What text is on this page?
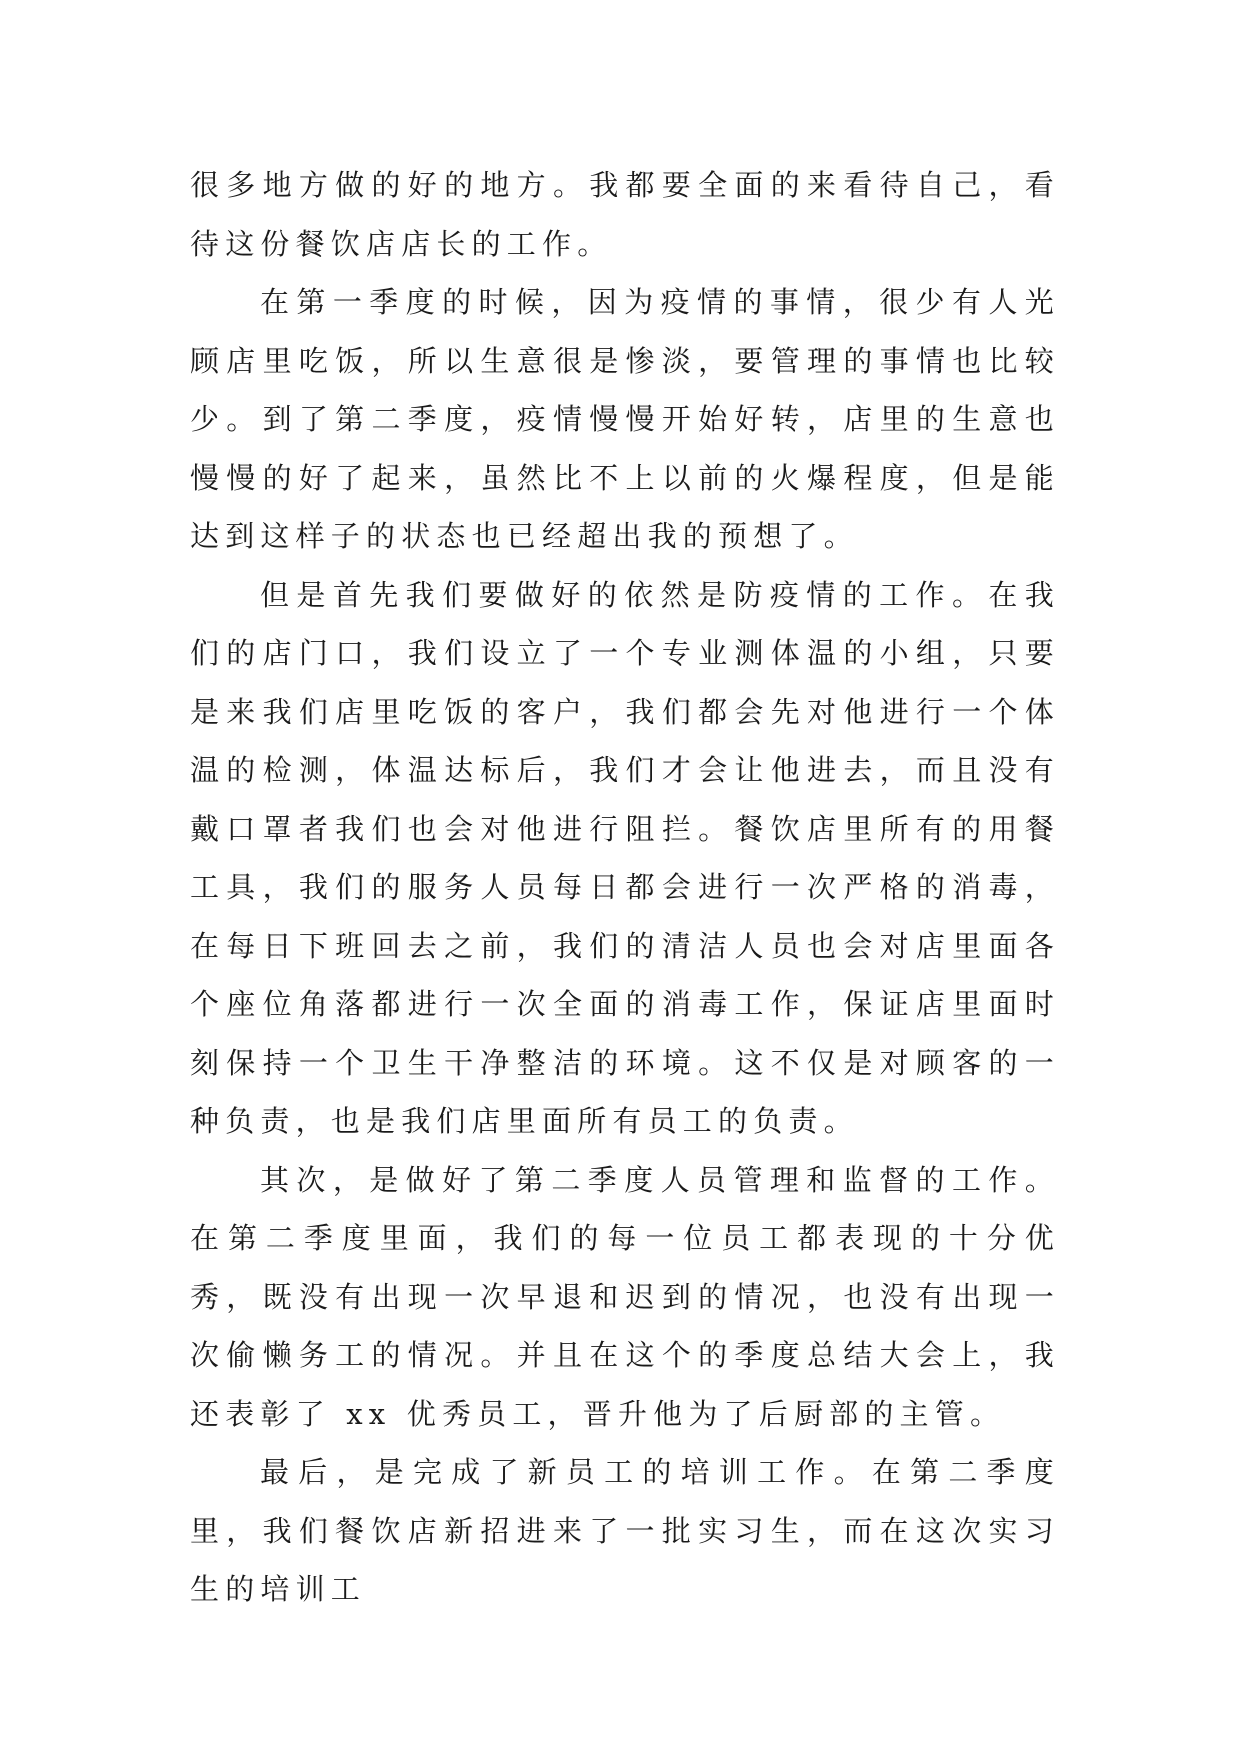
很多地方做的好的地方。我都要全面的来看待自己，看待这份餐饮店店长的工作。

在第一季度的时候，因为疫情的事情，很少有人光顾店里吃饭，所以生意很是惨淡，要管理的事情也比较少。到了第二季度，疫情慢慢开始好转，店里的生意也慢慢的好了起来，虽然比不上以前的火爆程度，但是能达到这样子的状态也已经超出我的预想了。

但是首先我们要做好的依然是防疫情的工作。在我们的店门口，我们设立了一个专业测体温的小组，只要是来我们店里吃饭的客户，我们都会先对他进行一个体温的检测，体温达标后，我们才会让他进去，而且没有戴口罩者我们也会对他进行阻拦。餐饮店里所有的用餐工具，我们的服务人员每日都会进行一次严格的消毒，在每日下班回去之前，我们的清洁人员也会对店里面各个座位角落都进行一次全面的消毒工作，保证店里面时刻保持一个卫生干净整洁的环境。这不仅是对顾客的一种负责，也是我们店里面所有员工的负责。

其次，是做好了第二季度人员管理和监督的工作。在第二季度里面，我们的每一位员工都表现的十分优秀，既没有出现一次早退和迟到的情况，也没有出现一次偷懒务工的情况。并且在这个的季度总结大会上，我还表彰了 xx 优秀员工，晋升他为了后厨部的主管。

最后，是完成了新员工的培训工作。在第二季度里，我们餐饮店新招进来了一批实习生，而在这次实习生的培训工
